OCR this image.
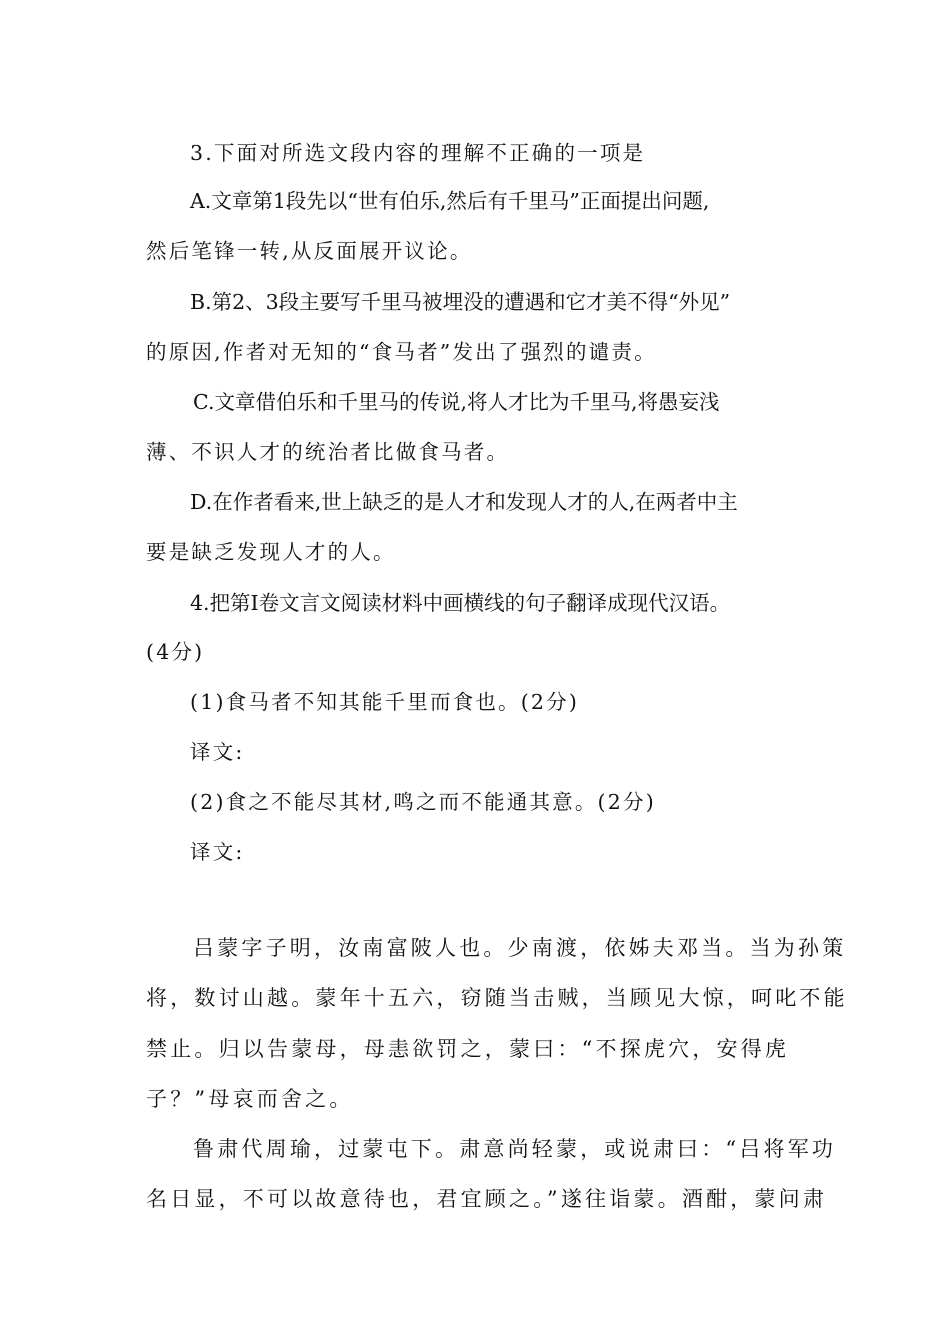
3.下面对所选文段内容的理解不正确的一项是
A.文章第1段先以“世有伯乐,然后有千里马”正面提出问题,
然后笔锋一转,从反面展开议论。
B.第2、3段主要写千里马被埋没的遭遇和它才美不得“外见”
的原因,作者对无知的“食马者”发出了强烈的谴责。
C.文章借伯乐和千里马的传说,将人才比为千里马,将愚妄浅
薄、不识人才的统治者比做食马者。
D.在作者看来,世上缺乏的是人才和发现人才的人,在两者中主
要是缺乏发现人才的人。
4.把第Ⅰ卷文言文阅读材料中画横线的句子翻译成现代汉语。
(4分)
(1)食马者不知其能千里而食也。(2分)
译文:
(2)食之不能尽其材,鸣之而不能通其意。(2分)
译文:
吕蒙字子明，汝南富陂人也。少南渡，依姊夫邓当。当为孙策
将，数讨山越。蒙年十五六，窃随当击贼，当顾见大惊，呵叱不能
禁止。归以告蒙母，母恚欲罚之，蒙曰：“不探虎穴，安得虎
子？”母哀而舍之。
鲁肃代周瑜，过蒙屯下。肃意尚轻蒙，或说肃曰：“吕将军功
名日显，不可以故意待也，君宜顾之。”遂往诣蒙。酒酣，蒙问肃
